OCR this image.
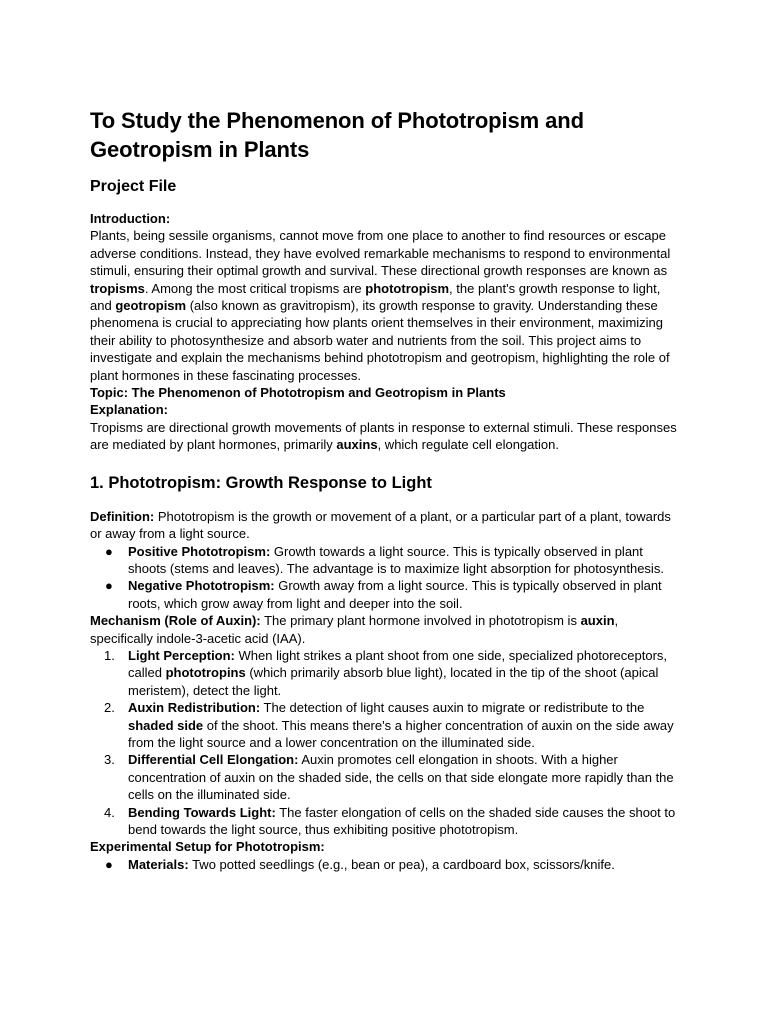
To Study the Phenomenon of Phototropism and Geotropism in Plants
Project File

Introduction:

Plants, being sessile organisms, cannot move from one place to another to find resources or escape adverse conditions. Instead, they have evolved remarkable mechanisms to respond to environmental stimuli, ensuring their optimal growth and survival. These directional growth responses are known as tropisms. Among the most critical tropisms are phototropism, the plant's growth response to light, and geotropism (also known as gravitropism), its growth response to gravity. Understanding these phenomena is crucial to appreciating how plants orient themselves in their environment, maximizing their ability to photosynthesize and absorb water and nutrients from the soil. This project aims to investigate and explain the mechanisms behind phototropism and geotropism, highlighting the role of plant hormones in these fascinating processes.

Topic: The Phenomenon of Phototropism and Geotropism in Plants

Explanation:

Tropisms are directional growth movements of plants in response to external stimuli. These responses are mediated by plant hormones, primarily auxins, which regulate cell elongation.

1. Phototropism: Growth Response to Light

Definition: Phototropism is the growth or movement of a plant, or a particular part of a plant, towards or away from a light source.

● Positive Phototropism: Growth towards a light source. This is typically observed in plant shoots (stems and leaves). The advantage is to maximize light absorption for photosynthesis.
● Negative Phototropism: Growth away from a light source. This is typically observed in plant roots, which grow away from light and deeper into the soil.

Mechanism (Role of Auxin): The primary plant hormone involved in phototropism is auxin, specifically indole-3-acetic acid (IAA).

1.	Light Perception: When light strikes a plant shoot from one side, specialized photoreceptors, called phototropins (which primarily absorb blue light), located in the tip of the shoot (apical meristem), detect the light.
2.	Auxin Redistribution: The detection of light causes auxin to migrate or redistribute to the shaded side of the shoot. This means there's a higher concentration of auxin on the side away from the light source and a lower concentration on the illuminated side.
3.	Differential Cell Elongation: Auxin promotes cell elongation in shoots. With a higher concentration of auxin on the shaded side, the cells on that side elongate more rapidly than the cells on the illuminated side.
4.	Bending Towards Light: The faster elongation of cells on the shaded side causes the shoot to bend towards the light source, thus exhibiting positive phototropism.

Experimental Setup for Phototropism:

● Materials: Two potted seedlings (e.g., bean or pea), a cardboard box, scissors/knife.
